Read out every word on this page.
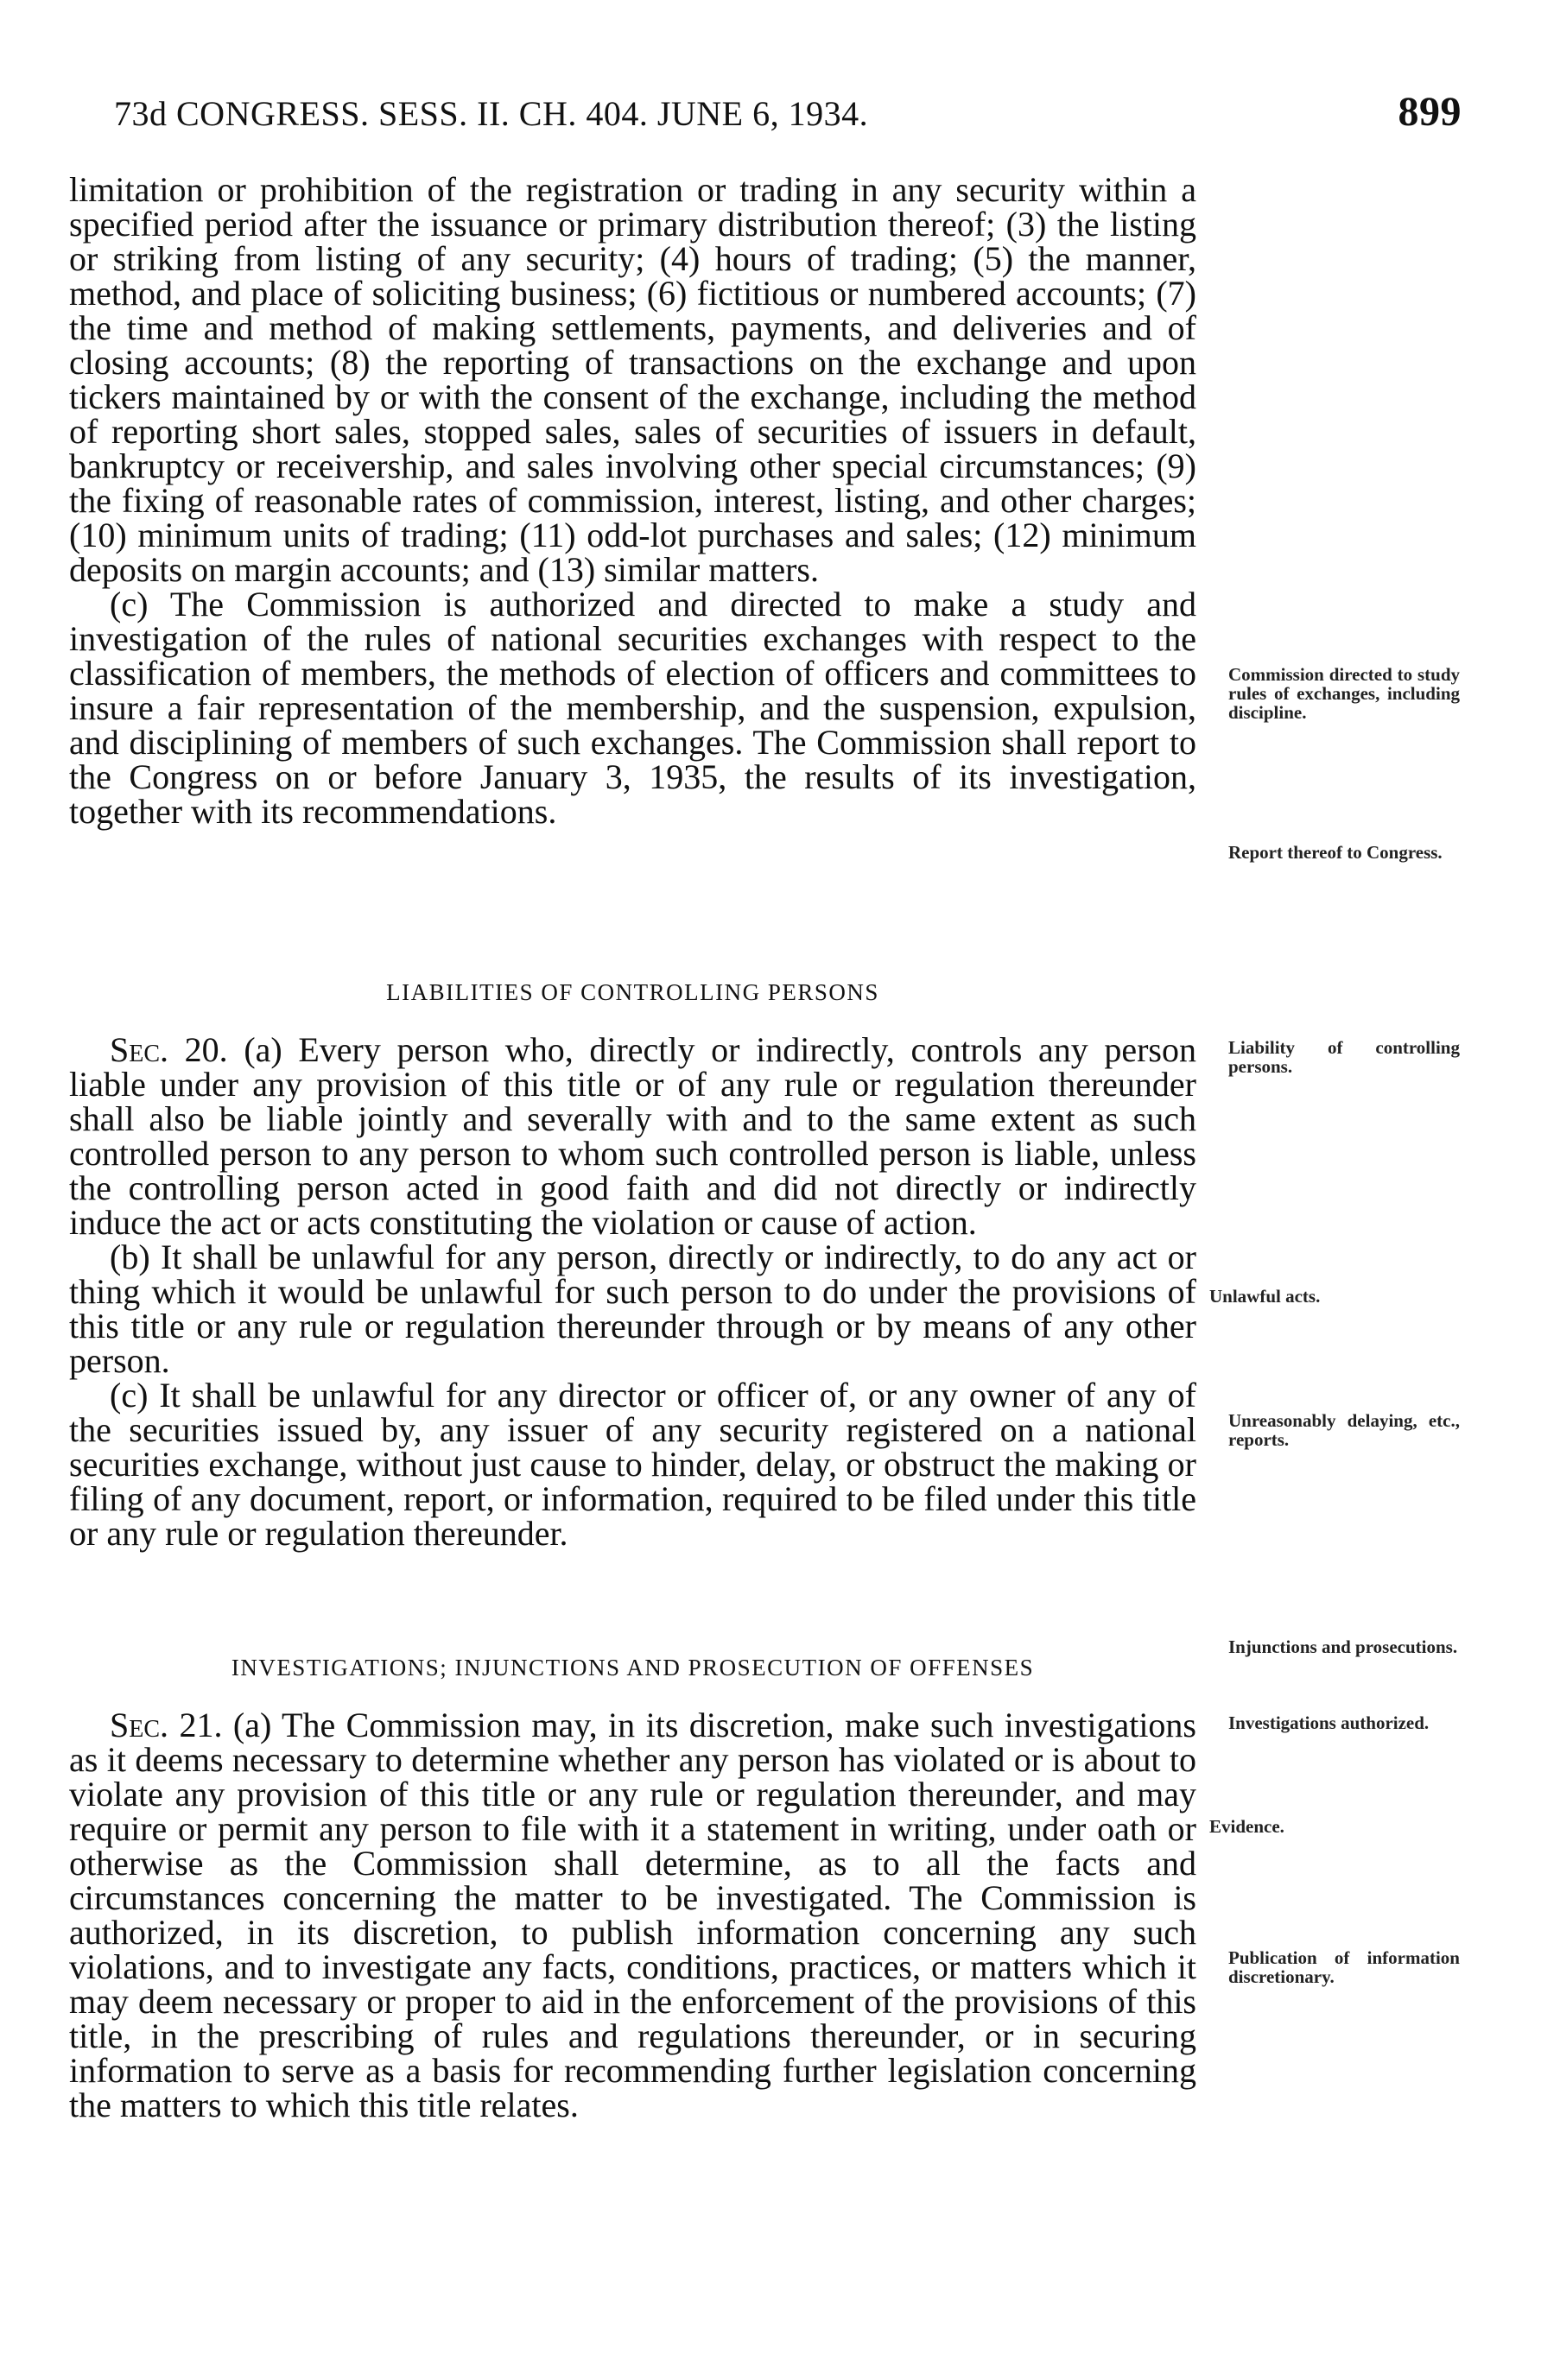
73d CONGRESS. SESS. II. CH. 404. JUNE 6, 1934.	899

limitation or prohibition of the registration or trading in any security within a specified period after the issuance or primary distribution thereof; (3) the listing or striking from listing of any security; (4) hours of trading; (5) the manner, method, and place of soliciting business; (6) fictitious or numbered accounts; (7) the time and method of making settlements, payments, and deliveries and of closing accounts; (8) the reporting of transactions on the exchange and upon tickers maintained by or with the consent of the exchange, including the method of reporting short sales, stopped sales, sales of securities of issuers in default, bankruptcy or receivership, and sales involving other special circumstances; (9) the fixing of reasonable rates of commission, interest, listing, and other charges; (10) minimum units of trading; (11) odd-lot purchases and sales; (12) minimum deposits on margin accounts; and (13) similar matters.

(c) The Commission is authorized and directed to make a study and investigation of the rules of national securities exchanges with respect to the classification of members, the methods of election of officers and committees to insure a fair representation of the membership, and the suspension, expulsion, and disciplining of members of such exchanges. The Commission shall report to the Congress on or before January 3, 1935, the results of its investigation, together with its recommendations.

LIABILITIES OF CONTROLLING PERSONS

Sec. 20. (a) Every person who, directly or indirectly, controls any person liable under any provision of this title or of any rule or regulation thereunder shall also be liable jointly and severally with and to the same extent as such controlled person to any person to whom such controlled person is liable, unless the controlling person acted in good faith and did not directly or indirectly induce the act or acts constituting the violation or cause of action.

(b) It shall be unlawful for any person, directly or indirectly, to do any act or thing which it would be unlawful for such person to do under the provisions of this title or any rule or regulation thereunder through or by means of any other person.

(c) It shall be unlawful for any director or officer of, or any owner of any of the securities issued by, any issuer of any security registered on a national securities exchange, without just cause to hinder, delay, or obstruct the making or filing of any document, report, or information, required to be filed under this title or any rule or regulation thereunder.

INVESTIGATIONS; INJUNCTIONS AND PROSECUTION OF OFFENSES

Sec. 21. (a) The Commission may, in its discretion, make such investigations as it deems necessary to determine whether any person has violated or is about to violate any provision of this title or any rule or regulation thereunder, and may require or permit any person to file with it a statement in writing, under oath or otherwise as the Commission shall determine, as to all the facts and circumstances concerning the matter to be investigated. The Commission is authorized, in its discretion, to publish information concerning any such violations, and to investigate any facts, conditions, practices, or matters which it may deem necessary or proper to aid in the enforcement of the provisions of this title, in the prescribing of rules and regulations thereunder, or in securing information to serve as a basis for recommending further legislation concerning the matters to which this title relates.

Commission directed to study rules of exchanges, including discipline.
Report thereof to Congress.
Liability of controlling persons.
Unlawful acts.
Unreasonably delaying, etc., reports.
Injunctions and prosecutions.
Investigations authorized.
Evidence.
Publication of information discretionary.
